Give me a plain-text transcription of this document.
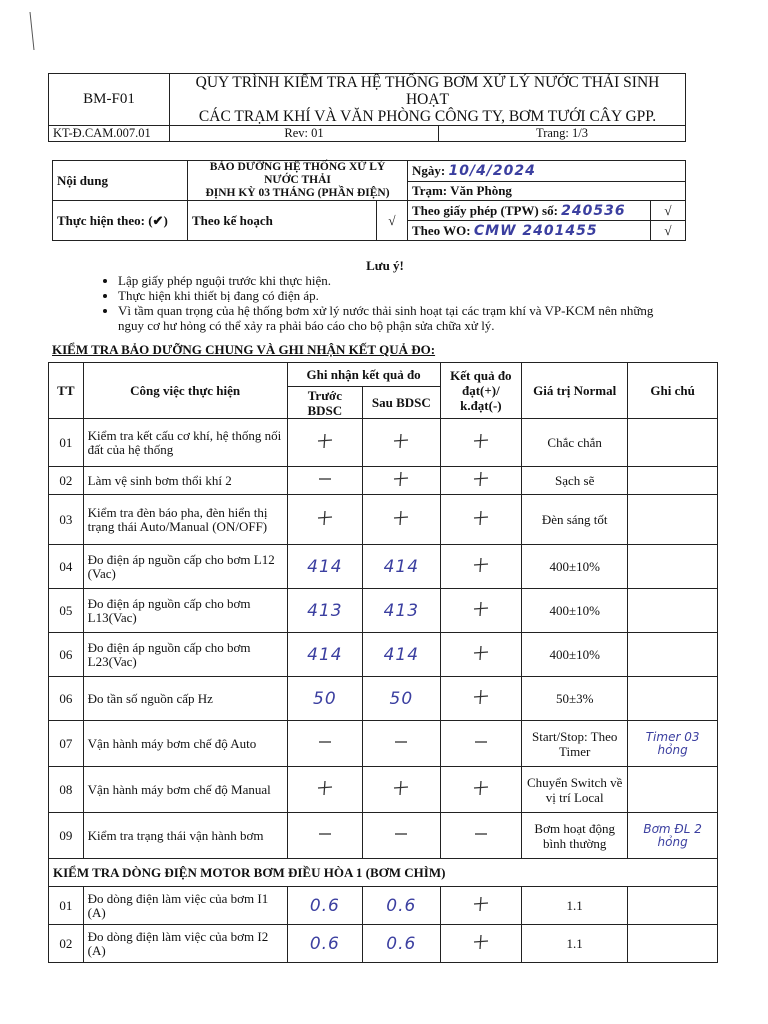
BM-F01	QUY TRÌNH KIỂM TRA HỆ THỐNG BƠM XỬ LÝ NƯỚC THẢI SINH HOẠT
CÁC TRẠM KHÍ VÀ VĂN PHÒNG CÔNG TY, BƠM TƯỚI CÂY GPP.	

KT-Đ.CAM.007.01	Rev: 01	Trang: 1/3
Nội dung	BẢO DƯỠNG HỆ THỐNG XỬ LÝ NƯỚC THẢI
ĐỊNH KỲ 03 THÁNG (PHẦN ĐIỆN)		Ngày: 10/4/2024	
			Trạm: Văn Phòng	
Thực hiện theo: (✔)	Theo kế hoạch	√	Theo giấy phép (TPW) số: 240536	√
			Theo WO: CMW 2401455	√
Lưu ý!
• Lập giấy phép nguội trước khi thực hiện.
• Thực hiện khi thiết bị đang có điện áp.
• Vì tầm quan trọng của hệ thống bơm xử lý nước thải sinh hoạt tại các trạm khí và VP-KCM nên những nguy cơ hư hỏng có thể xảy ra phải báo cáo cho bộ phận sửa chữa xử lý.
KIỂM TRA BẢO DƯỠNG CHUNG VÀ GHI NHẬN KẾT QUẢ ĐO:
TT	Công việc thực hiện	Ghi nhận kết quả đo		Kết quả đo đạt(+)/ k.đạt(-)	Giá trị Normal	Ghi chú
		Trước BDSC	Sau BDSC			
01	Kiểm tra kết cấu cơ khí, hệ thống nối đất của hệ thống				Chắc chắn	
02	Làm vệ sinh bơm thổi khí 2				Sạch sẽ	
03	Kiểm tra đèn báo pha, đèn hiển thị trạng thái Auto/Manual (ON/OFF)				Đèn sáng tốt	
04	Đo điện áp nguồn cấp cho bơm L12 (Vac)	414	414		400±10%	
05	Đo điện áp nguồn cấp cho bơm L13(Vac)	413	413		400±10%	
06	Đo điện áp nguồn cấp cho bơm L23(Vac)	414	414		400±10%	
06	Đo tần số nguồn cấp Hz	50	50		50±3%	
07	Vận hành máy bơm chế độ Auto				Start/Stop: Theo Timer	Timer 03 hỏng
08	Vận hành máy bơm chế độ Manual				Chuyển Switch về vị trí Local	
09	Kiểm tra trạng thái vận hành bơm				Bơm hoạt động bình thường	Bơm ĐL 2 hỏng
KIỂM TRA DÒNG ĐIỆN MOTOR BƠM ĐIỀU HÒA 1 (BƠM CHÌM)						
01	Đo dòng điện làm việc của bơm I1 (A)	0.6	0.6		1.1	
02	Đo dòng điện làm việc của bơm I2 (A)	0.6	0.6		1.1	
